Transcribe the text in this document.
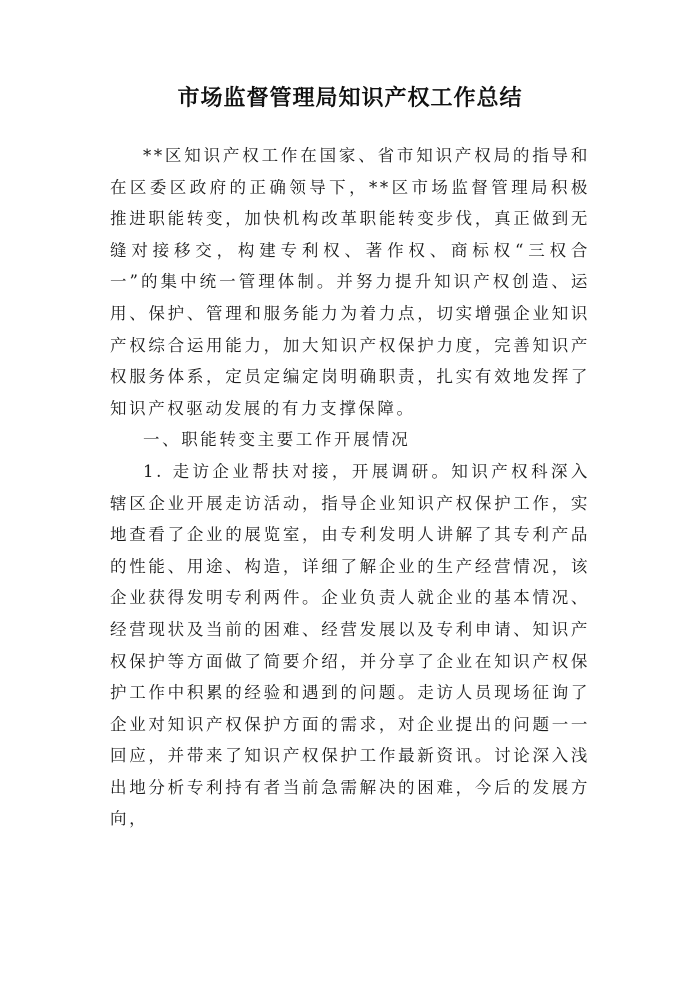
市场监督管理局知识产权工作总结

**区知识产权工作在国家、省市知识产权局的指导和在区委区政府的正确领导下，**区市场监督管理局积极推进职能转变，加快机构改革职能转变步伐，真正做到无缝对接移交，构建专利权、著作权、商标权“三权合一”的集中统一管理体制。并努力提升知识产权创造、运用、保护、管理和服务能力为着力点，切实增强企业知识产权综合运用能力，加大知识产权保护力度，完善知识产权服务体系，定员定编定岗明确职责，扎实有效地发挥了知识产权驱动发展的有力支撑保障。

一、职能转变主要工作开展情况

1. 走访企业帮扶对接，开展调研。知识产权科深入辖区企业开展走访活动，指导企业知识产权保护工作，实地查看了企业的展览室，由专利发明人讲解了其专利产品的性能、用途、构造，详细了解企业的生产经营情况，该企业获得发明专利两件。企业负责人就企业的基本情况、经营现状及当前的困难、经营发展以及专利申请、知识产权保护等方面做了简要介绍，并分享了企业在知识产权保护工作中积累的经验和遇到的问题。走访人员现场征询了企业对知识产权保护方面的需求，对企业提出的问题一一回应，并带来了知识产权保护工作最新资讯。讨论深入浅出地分析专利持有者当前急需解决的困难，今后的发展方向，
